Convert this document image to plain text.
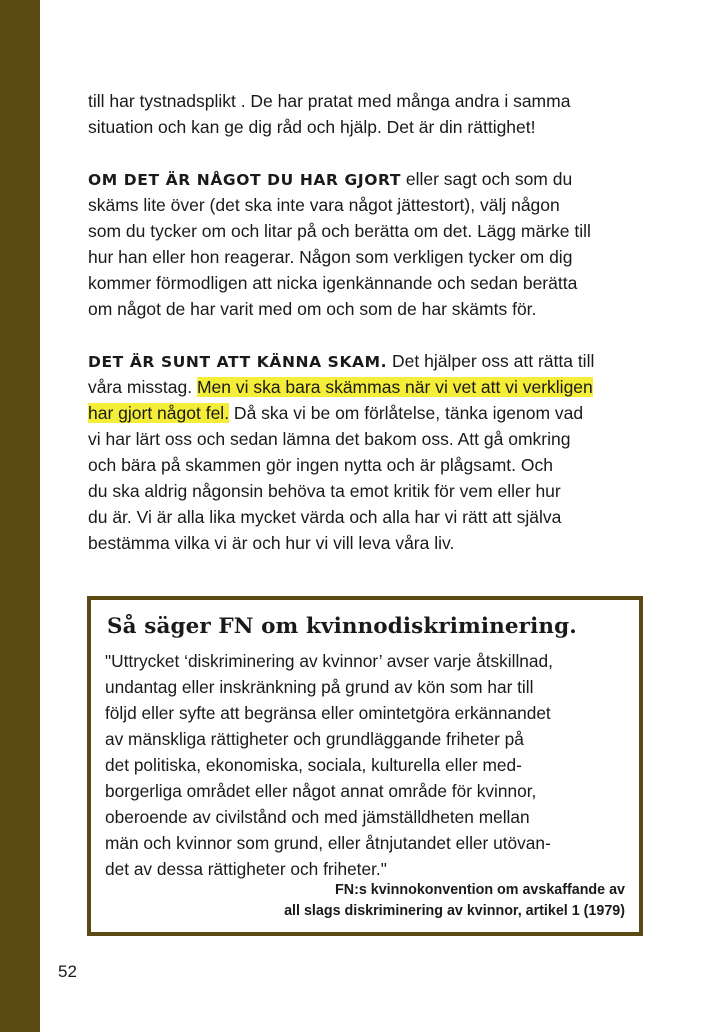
till har tystnadsplikt . De har pratat med många andra i samma
situation och kan ge dig råd och hjälp. Det är din rättighet!
OM DET ÄR NÅGOT DU HAR GJORT eller sagt och som du
skäms lite över (det ska inte vara något jättestort), välj någon
som du tycker om och litar på och berätta om det. Lägg märke till
hur han eller hon reagerar. Någon som verkligen tycker om dig
kommer förmodligen att nicka igenkännande och sedan berätta
om något de har varit med om och som de har skämts för.
DET ÄR SUNT ATT KÄNNA SKAM. Det hjälper oss att rätta till
våra misstag. Men vi ska bara skämmas när vi vet att vi verkligen
har gjort något fel. Då ska vi be om förlåtelse, tänka igenom vad
vi har lärt oss och sedan lämna det bakom oss. Att gå omkring
och bära på skammen gör ingen nytta och är plågsamt. Och
du ska aldrig någonsin behöva ta emot kritik för vem eller hur
du är. Vi är alla lika mycket värda och alla har vi rätt att själva
bestämma vilka vi är och hur vi vill leva våra liv.
Så säger FN om kvinnodiskriminering.
"Uttrycket ‘diskriminering av kvinnor’ avser varje åtskillnad,
undantag eller inskränkning på grund av kön som har till
följd eller syfte att begränsa eller omintetgöra erkännandet
av mänskliga rättigheter och grundläggande friheter på
det politiska, ekonomiska, sociala, kulturella eller med-
borgerliga området eller något annat område för kvinnor,
oberoende av civilstånd och med jämställdheten mellan
män och kvinnor som grund, eller åtnjutandet eller utövan-
det av dessa rättigheter och friheter."
FN:s kvinnokonvention om avskaffande av
all slags diskriminering av kvinnor, artikel 1 (1979)
52
